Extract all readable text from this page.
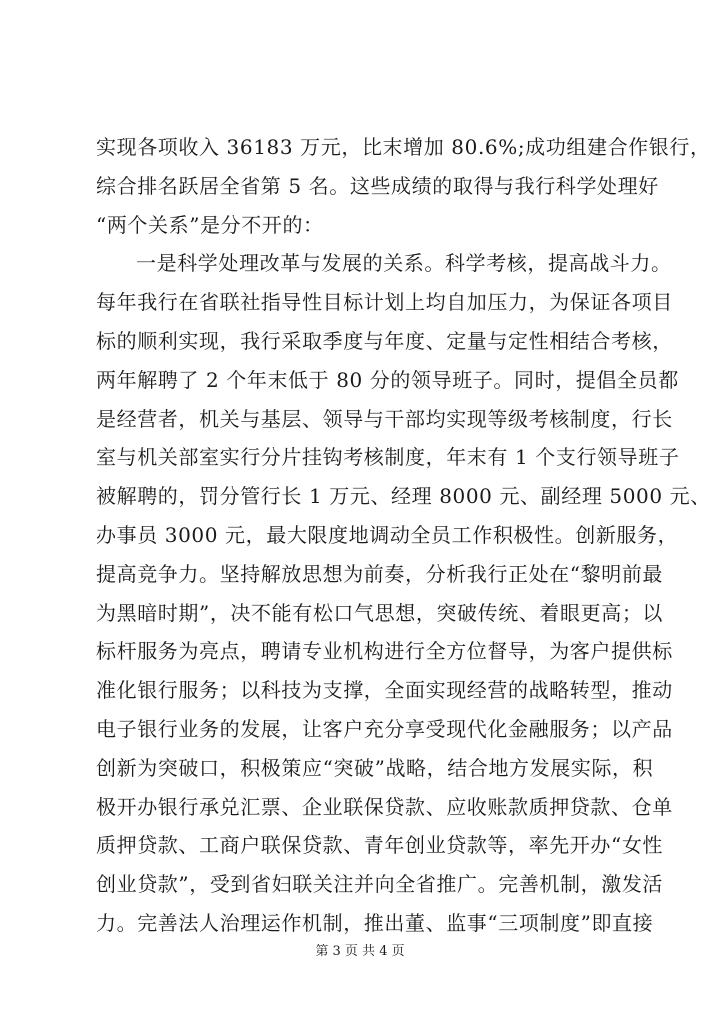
实现各项收入 36183 万元，比末增加 80.6%;成功组建合作银行，
综合排名跃居全省第 5 名。这些成绩的取得与我行科学处理好
“两个关系”是分不开的：
一是科学处理改革与发展的关系。科学考核，提高战斗力。
每年我行在省联社指导性目标计划上均自加压力，为保证各项目
标的顺利实现，我行采取季度与年度、定量与定性相结合考核，
两年解聘了 2 个年末低于 80 分的领导班子。同时，提倡全员都
是经营者，机关与基层、领导与干部均实现等级考核制度，行长
室与机关部室实行分片挂钩考核制度，年末有 1 个支行领导班子
被解聘的，罚分管行长 1 万元、经理 8000 元、副经理 5000 元、
办事员 3000 元，最大限度地调动全员工作积极性。创新服务，
提高竞争力。坚持解放思想为前奏，分析我行正处在“黎明前最
为黑暗时期”，决不能有松口气思想，突破传统、着眼更高；以
标杆服务为亮点，聘请专业机构进行全方位督导，为客户提供标
准化银行服务；以科技为支撑，全面实现经营的战略转型，推动
电子银行业务的发展，让客户充分享受现代化金融服务；以产品
创新为突破口，积极策应“突破”战略，结合地方发展实际，积
极开办银行承兑汇票、企业联保贷款、应收账款质押贷款、仓单
质押贷款、工商户联保贷款、青年创业贷款等，率先开办“女性
创业贷款”，受到省妇联关注并向全省推广。完善机制，激发活
力。完善法人治理运作机制，推出董、监事“三项制度”即直接
第 3 页 共 4 页
